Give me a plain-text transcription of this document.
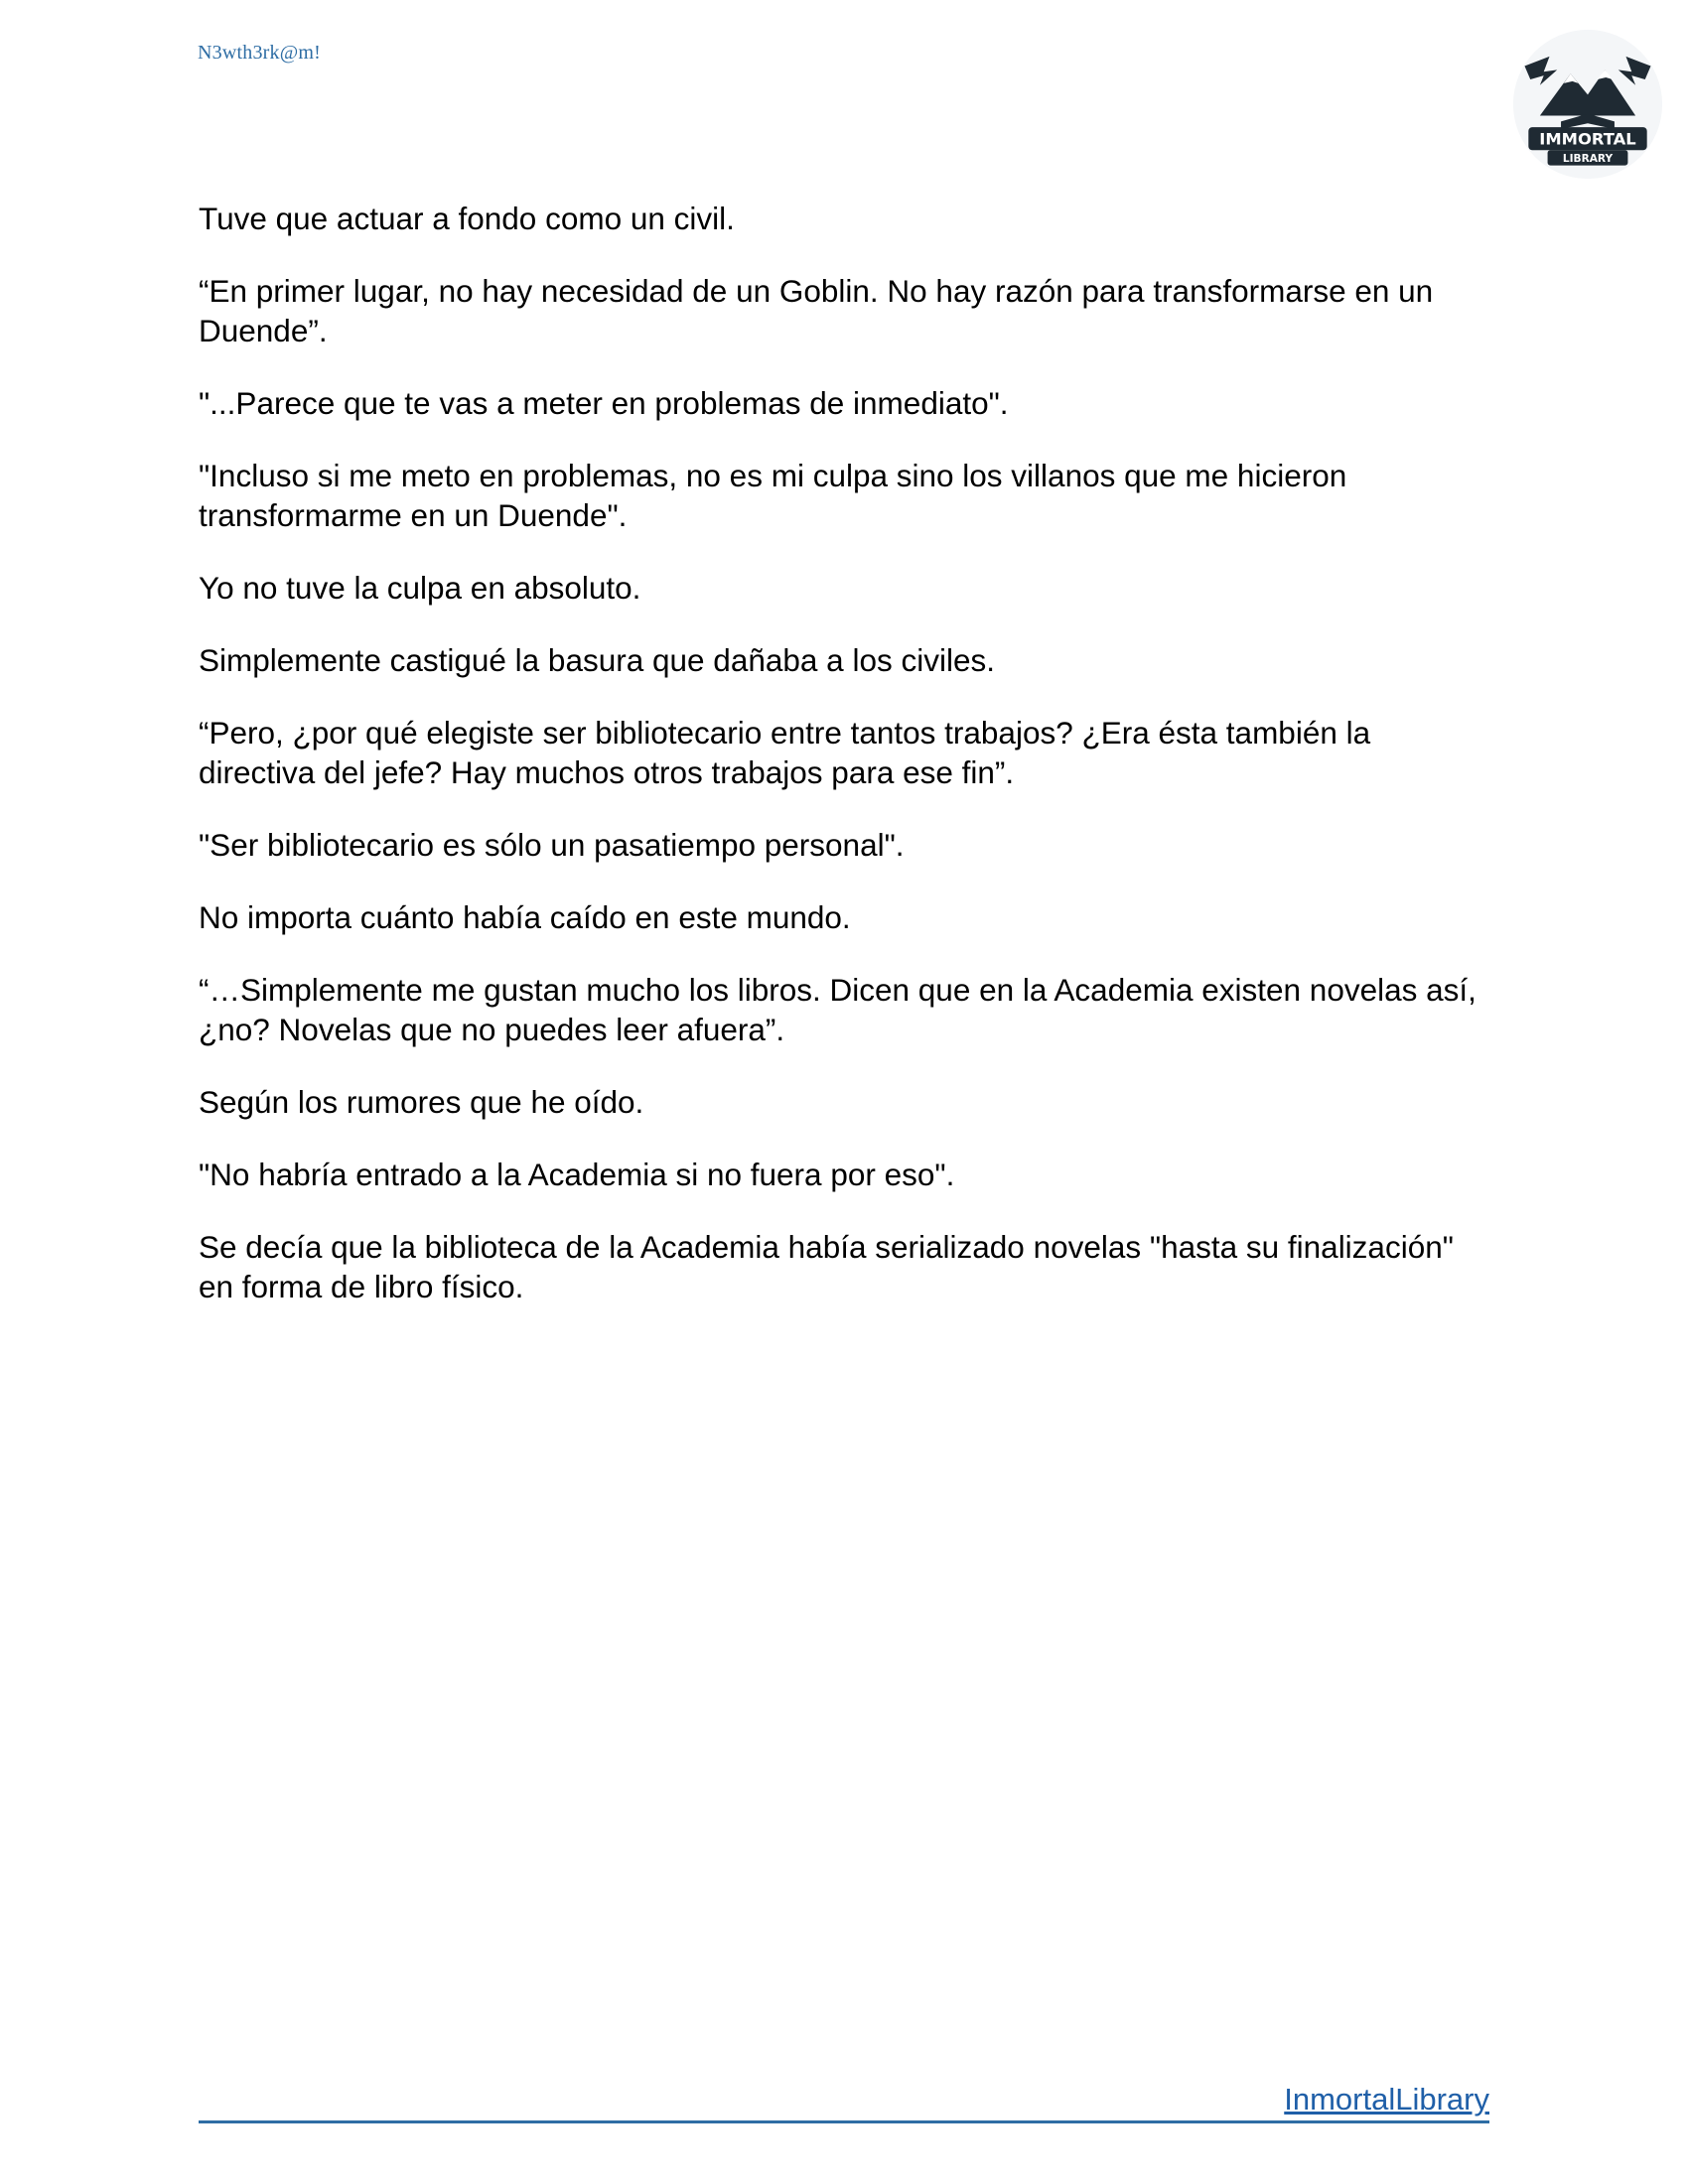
N3wth3rk@m!
IMMORTAL
LIBRARY

Tuve que actuar a fondo como un civil.

“En primer lugar, no hay necesidad de un Goblin. No hay razón para transformarse en un Duende”.

"...Parece que te vas a meter en problemas de inmediato".

"Incluso si me meto en problemas, no es mi culpa sino los villanos que me hicieron transformarme en un Duende".

Yo no tuve la culpa en absoluto.

Simplemente castigué la basura que dañaba a los civiles.

“Pero, ¿por qué elegiste ser bibliotecario entre tantos trabajos? ¿Era ésta también la directiva del jefe? Hay muchos otros trabajos para ese fin”.

"Ser bibliotecario es sólo un pasatiempo personal".

No importa cuánto había caído en este mundo.

“…Simplemente me gustan mucho los libros. Dicen que en la Academia existen novelas así, ¿no? Novelas que no puedes leer afuera”.

Según los rumores que he oído.

"No habría entrado a la Academia si no fuera por eso".

Se decía que la biblioteca de la Academia había serializado novelas "hasta su finalización" en forma de libro físico.

InmortalLibrary
